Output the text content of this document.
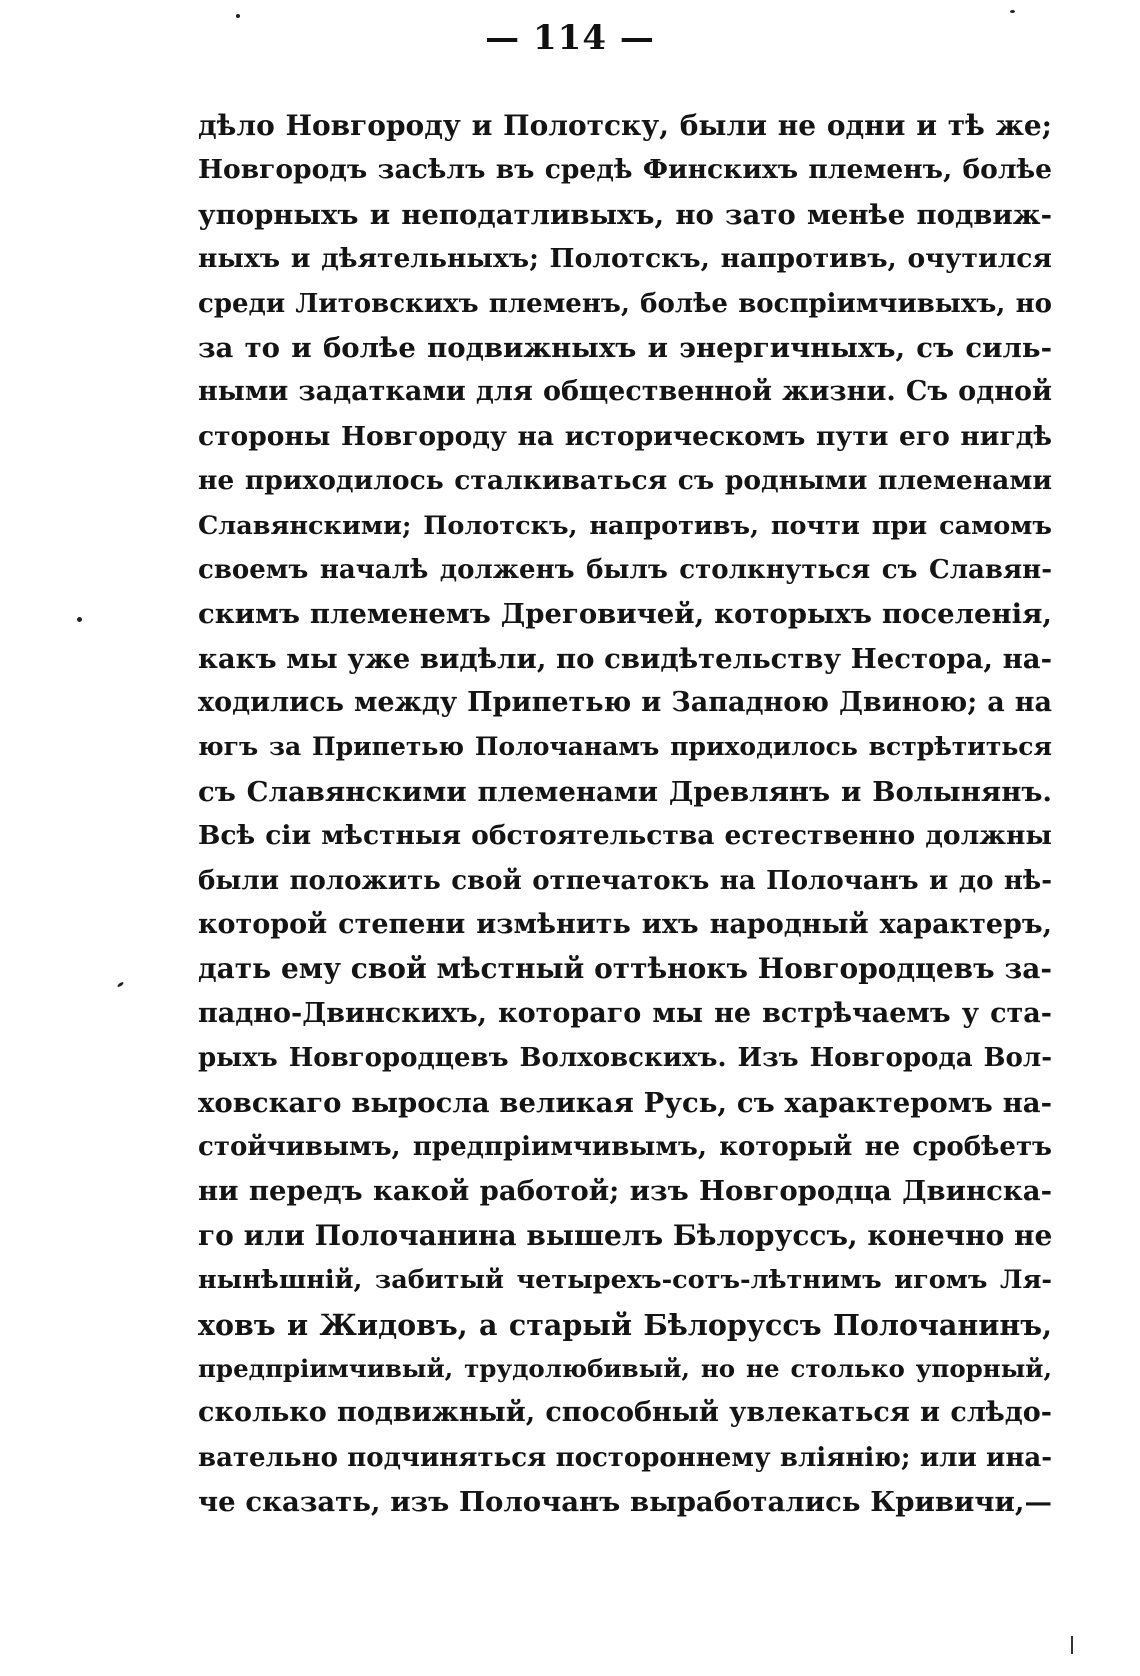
— 114 —
дѣло Новгороду и Полотску, были не одни и тѣ же;
Новгородъ засѣлъ въ средѣ Финскихъ племенъ, болѣе
упорныхъ и неподатливыхъ, но зато менѣе подвиж-
ныхъ и дѣятельныхъ; Полотскъ, напротивъ, очутился
среди Литовскихъ племенъ, болѣе воспріимчивыхъ, но
за то и болѣе подвижныхъ и энергичныхъ, съ силь-
ными задатками для общественной жизни. Съ одной
стороны Новгороду на историческомъ пути его нигдѣ
не приходилось сталкиваться съ родными племенами
Славянскими; Полотскъ, напротивъ, почти при самомъ
своемъ началѣ долженъ былъ столкнуться съ Славян-
скимъ племенемъ Дреговичей, которыхъ поселенія,
какъ мы уже видѣли, по свидѣтельству Нестора, на-
ходились между Припетью и Западною Двиною; а на
югъ за Припетью Полочанамъ приходилось встрѣтиться
съ Славянскими племенами Древлянъ и Волынянъ.
Всѣ сіи мѣстныя обстоятельства естественно должны
были положить свой отпечатокъ на Полочанъ и до нѣ-
которой степени измѣнить ихъ народный характеръ,
дать ему свой мѣстный оттѣнокъ Новгородцевъ за-
падно-Двинскихъ, котораго мы не встрѣчаемъ у ста-
рыхъ Новгородцевъ Волховскихъ. Изъ Новгорода Вол-
ховскаго выросла великая Русь, съ характеромъ на-
стойчивымъ, предпріимчивымъ, который не сробѣетъ
ни передъ какой работой; изъ Новгородца Двинска-
го или Полочанина вышелъ Бѣлоруссъ, конечно не
нынѣшній, забитый четырехъ-сотъ-лѣтнимъ игомъ Ля-
ховъ и Жидовъ, а старый Бѣлоруссъ Полочанинъ,
предпріимчивый, трудолюбивый, но не столько упорный,
сколько подвижный, способный увлекаться и слѣдо-
вательно подчиняться постороннему вліянію; или ина-
че сказать, изъ Полочанъ выработались Кривичи,—
